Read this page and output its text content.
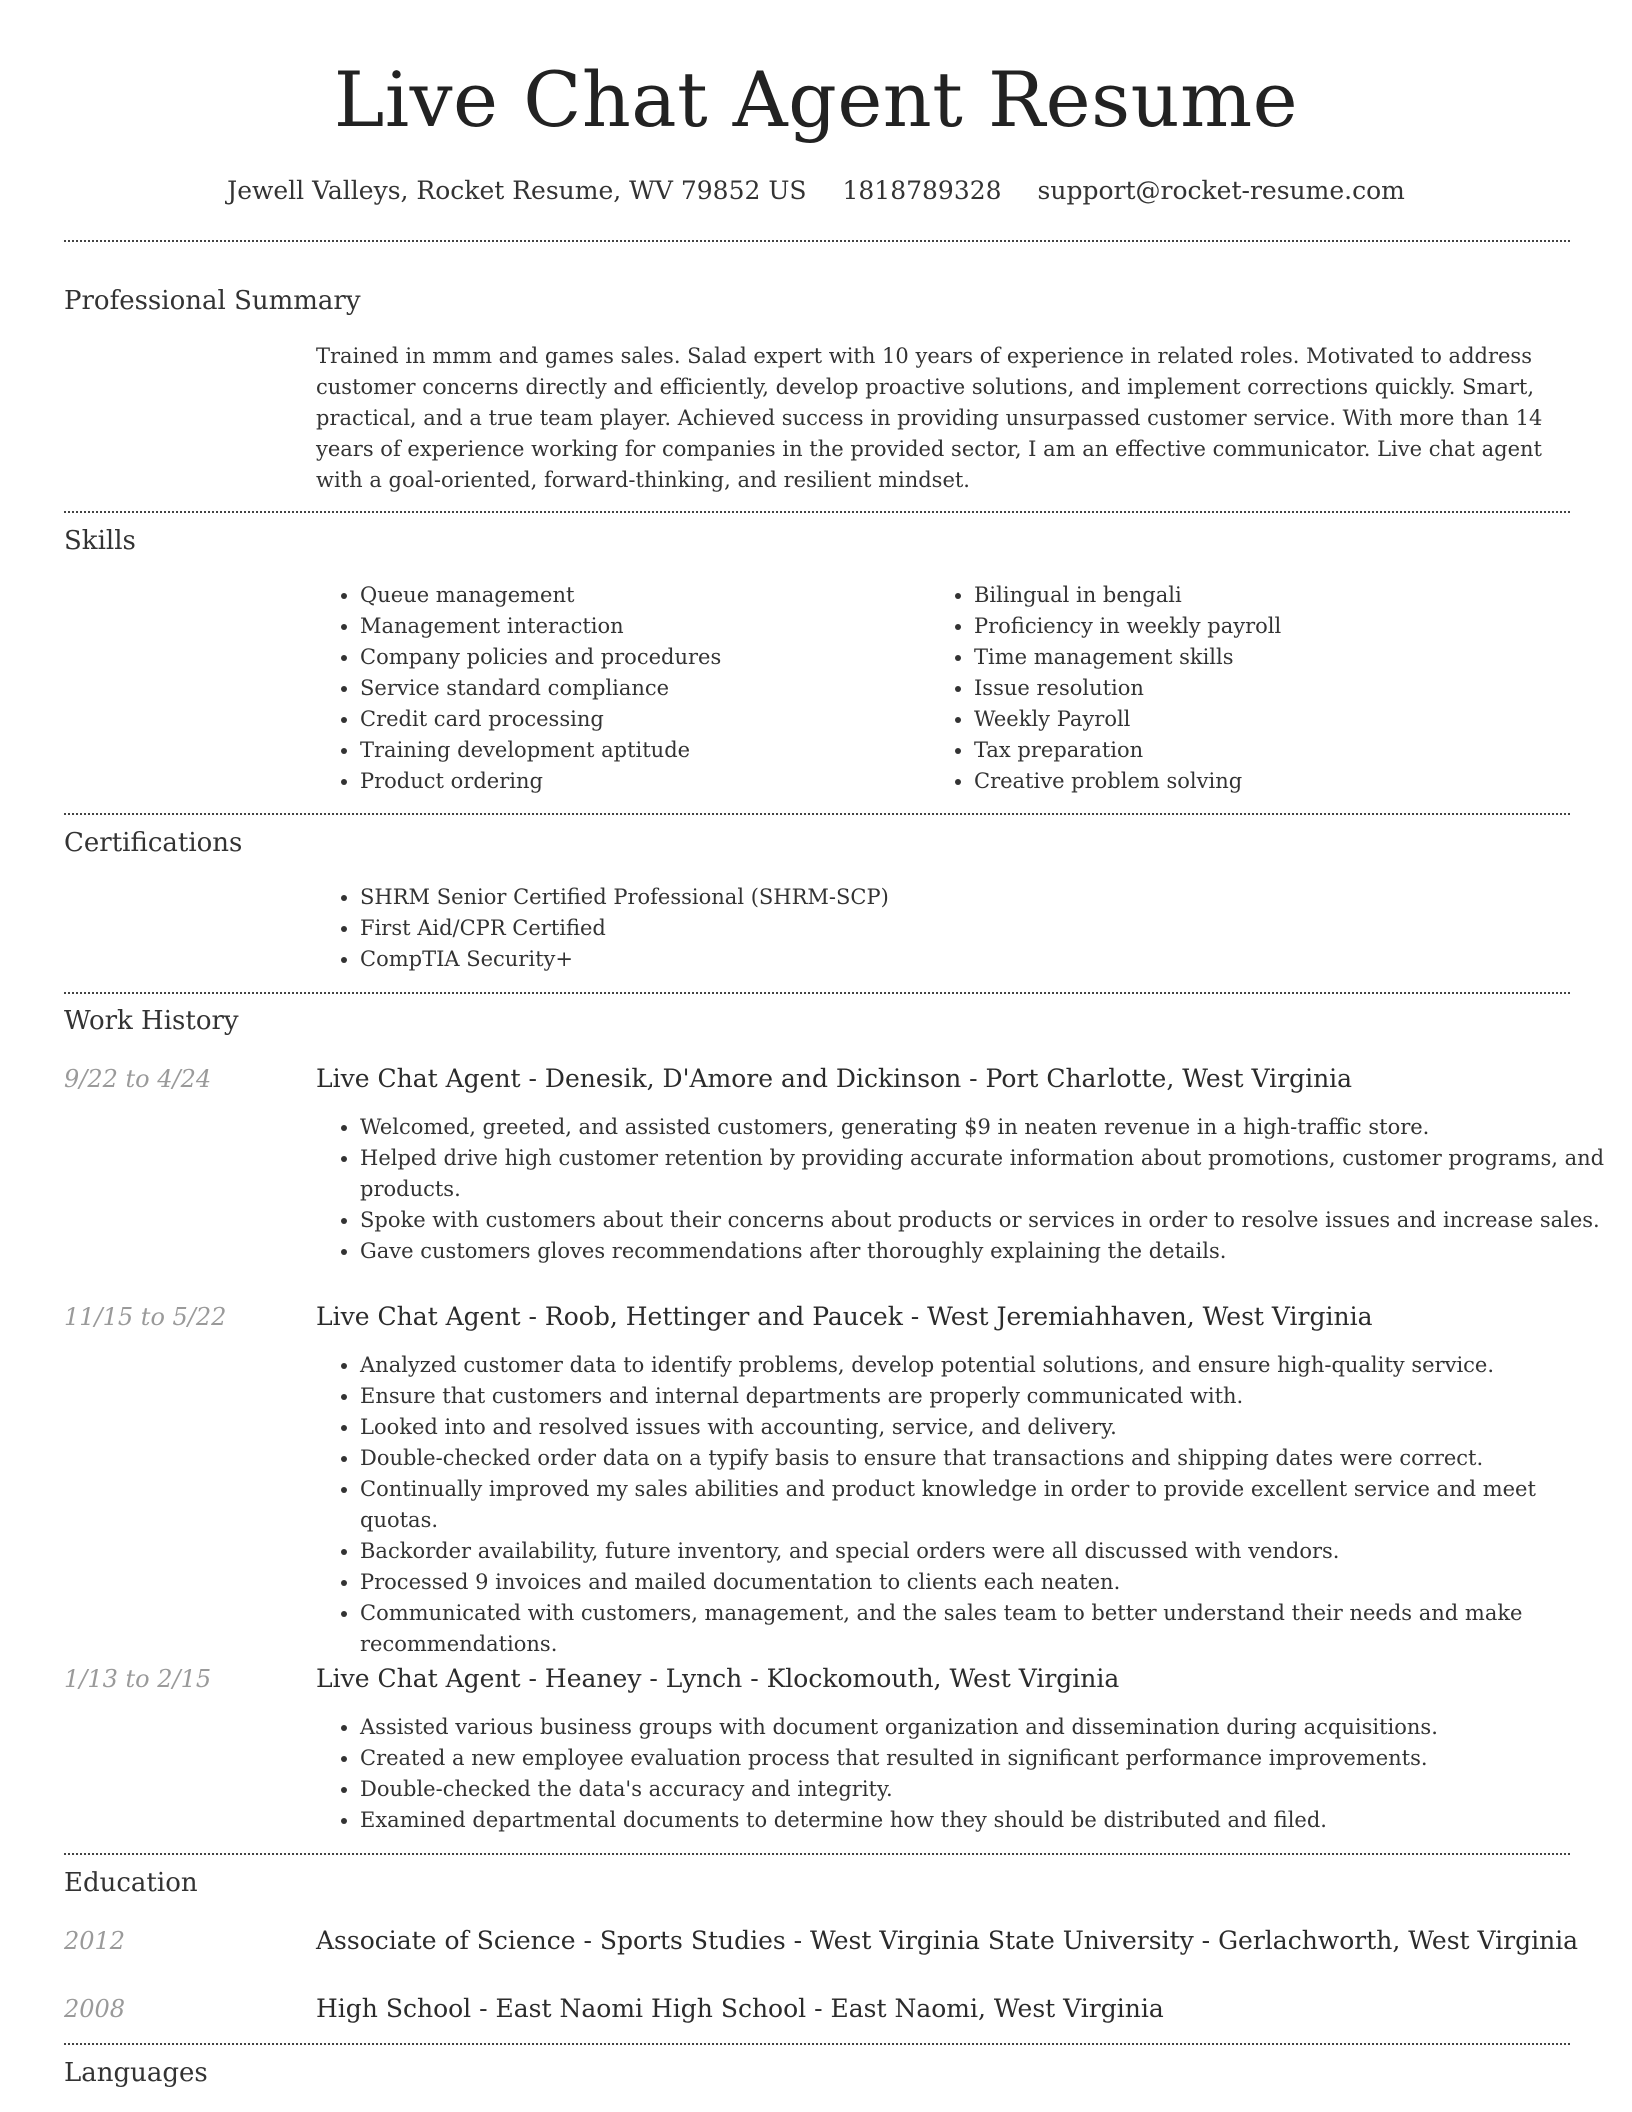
Live Chat Agent Resume
Jewell Valleys, Rocket Resume, WV 79852 US 1818789328 support@rocket-resume.com
Professional Summary

Trained in mmm and games sales. Salad expert with 10 years of experience in related roles. Motivated to address customer concerns directly and efficiently, develop proactive solutions, and implement corrections quickly. Smart, practical, and a true team player. Achieved success in providing unsurpassed customer service. With more than 14 years of experience working for companies in the provided sector, I am an effective communicator. Live chat agent with a goal-oriented, forward-thinking, and resilient mindset.

Skills
• Queue management
• Management interaction
• Company policies and procedures
• Service standard compliance
• Credit card processing
• Training development aptitude
• Product ordering
• Bilingual in bengali
• Proficiency in weekly payroll
• Time management skills
• Issue resolution
• Weekly Payroll
• Tax preparation
• Creative problem solving
Certifications
• SHRM Senior Certified Professional (SHRM-SCP)
• First Aid/CPR Certified
• CompTIA Security+
Work History
9/22 to 4/24	Live Chat Agent - Denesik, D'Amore and Dickinson - Port Charlotte, West Virginia
• Welcomed, greeted, and assisted customers, generating $9 in neaten revenue in a high-traffic store.
• Helped drive high customer retention by providing accurate information about promotions, customer programs, and products.
• Spoke with customers about their concerns about products or services in order to resolve issues and increase sales.
• Gave customers gloves recommendations after thoroughly explaining the details.
11/15 to 5/22	Live Chat Agent - Roob, Hettinger and Paucek - West Jeremiahhaven, West Virginia
• Analyzed customer data to identify problems, develop potential solutions, and ensure high-quality service.
• Ensure that customers and internal departments are properly communicated with.
• Looked into and resolved issues with accounting, service, and delivery.
• Double-checked order data on a typify basis to ensure that transactions and shipping dates were correct.
• Continually improved my sales abilities and product knowledge in order to provide excellent service and meet quotas.
• Backorder availability, future inventory, and special orders were all discussed with vendors.
• Processed 9 invoices and mailed documentation to clients each neaten.
• Communicated with customers, management, and the sales team to better understand their needs and make recommendations.
1/13 to 2/15	Live Chat Agent - Heaney - Lynch - Klockomouth, West Virginia
• Assisted various business groups with document organization and dissemination during acquisitions.
• Created a new employee evaluation process that resulted in significant performance improvements.
• Double-checked the data's accuracy and integrity.
• Examined departmental documents to determine how they should be distributed and filed.
Education
2012	Associate of Science - Sports Studies - West Virginia State University - Gerlachworth, West Virginia
2008	High School - East Naomi High School - East Naomi, West Virginia
Languages
